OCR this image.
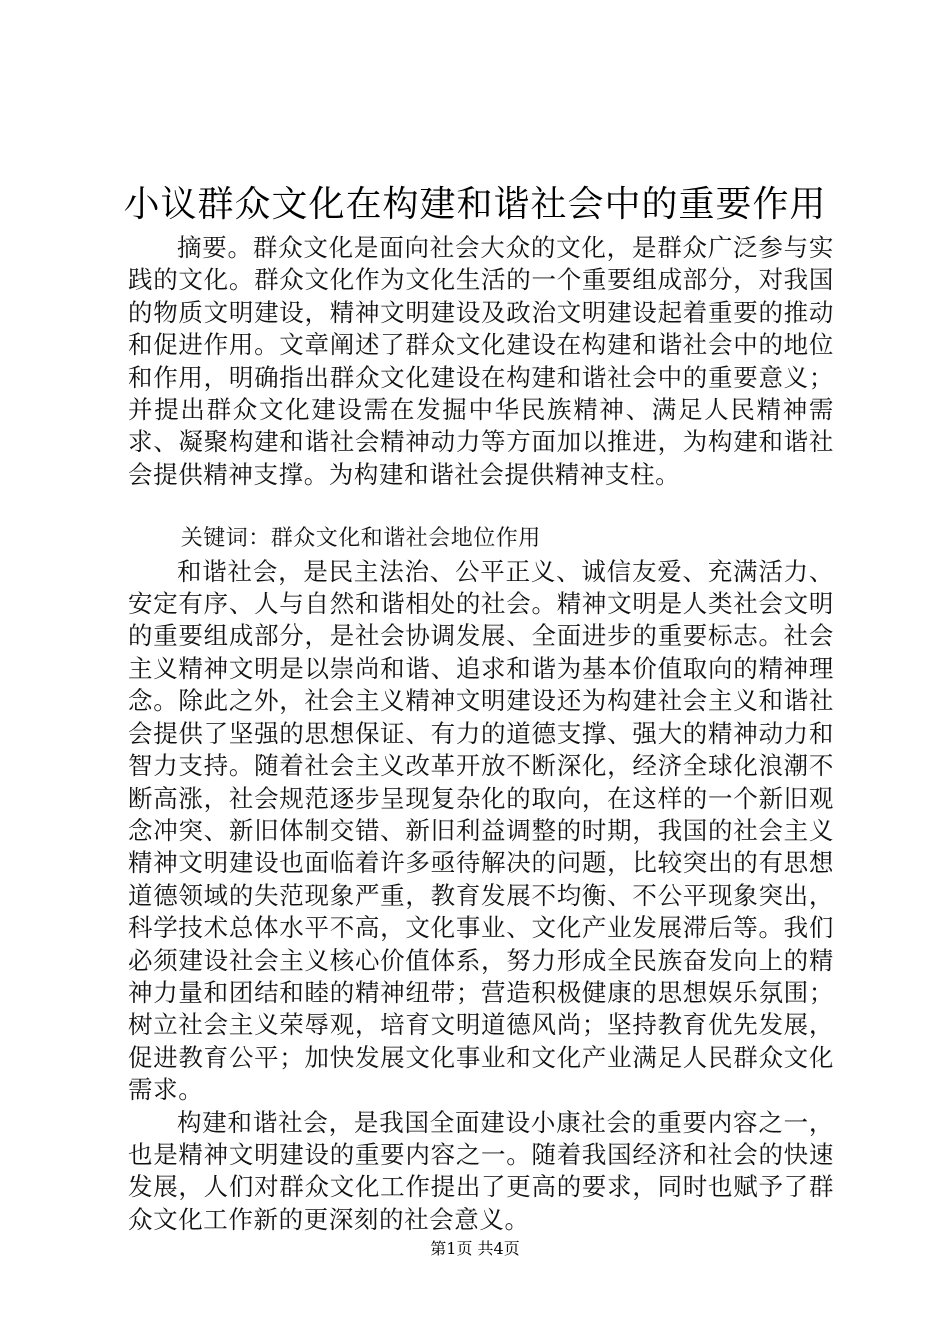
小议群众文化在构建和谐社会中的重要作用

摘要。群众文化是面向社会大众的文化，是群众广泛参与实践的文化。群众文化作为文化生活的一个重要组成部分，对我国的物质文明建设，精神文明建设及政治文明建设起着重要的推动和促进作用。文章阐述了群众文化建设在构建和谐社会中的地位和作用，明确指出群众文化建设在构建和谐社会中的重要意义；并提出群众文化建设需在发掘中华民族精神、满足人民精神需求、凝聚构建和谐社会精神动力等方面加以推进，为构建和谐社会提供精神支撑。为构建和谐社会提供精神支柱。

关键词：群众文化和谐社会地位作用

和谐社会，是民主法治、公平正义、诚信友爱、充满活力、安定有序、人与自然和谐相处的社会。精神文明是人类社会文明的重要组成部分，是社会协调发展、全面进步的重要标志。社会主义精神文明是以崇尚和谐、追求和谐为基本价值取向的精神理念。除此之外，社会主义精神文明建设还为构建社会主义和谐社会提供了坚强的思想保证、有力的道德支撑、强大的精神动力和智力支持。随着社会主义改革开放不断深化，经济全球化浪潮不断高涨，社会规范逐步呈现复杂化的取向，在这样的一个新旧观念冲突、新旧体制交错、新旧利益调整的时期，我国的社会主义精神文明建设也面临着许多亟待解决的问题，比较突出的有思想道德领域的失范现象严重，教育发展不均衡、不公平现象突出，科学技术总体水平不高，文化事业、文化产业发展滞后等。我们必须建设社会主义核心价值体系，努力形成全民族奋发向上的精神力量和团结和睦的精神纽带；营造积极健康的思想娱乐氛围；树立社会主义荣辱观，培育文明道德风尚；坚持教育优先发展，促进教育公平；加快发展文化事业和文化产业满足人民群众文化需求。

构建和谐社会，是我国全面建设小康社会的重要内容之一，也是精神文明建设的重要内容之一。随着我国经济和社会的快速发展，人们对群众文化工作提出了更高的要求，同时也赋予了群众文化工作新的更深刻的社会意义。

第1页 共4页
